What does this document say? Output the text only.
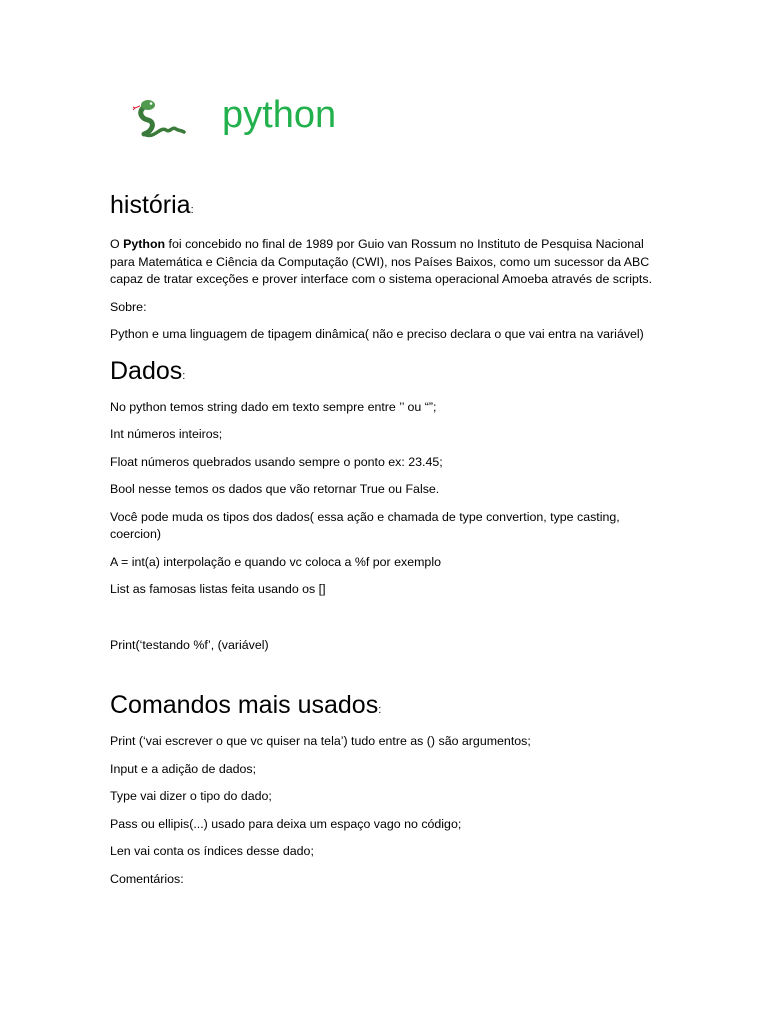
python
história:

O Python foi concebido no final de 1989 por Guio van Rossum no Instituto de Pesquisa Nacional para Matemática e Ciência da Computação (CWI), nos Países Baixos, como um sucessor da ABC capaz de tratar exceções e prover interface com o sistema operacional Amoeba através de scripts.

Sobre:

Python e uma linguagem de tipagem dinâmica( não e preciso declara o que vai entra na variável)

Dados:

No python temos string dado em texto sempre entre ’’ ou “”;

Int números inteiros;

Float números quebrados usando sempre o ponto ex: 23.45;

Bool nesse temos os dados que vão retornar True ou False.

Você pode muda os tipos dos dados( essa ação e chamada de type convertion, type casting, coercion)

A = int(a) interpolação e quando vc coloca a %f por exemplo

List as famosas listas feita usando os []

Print(‘testando %f’, (variável)

Comandos mais usados:

Print (‘vai escrever o que vc quiser na tela’) tudo entre as () são argumentos;

Input e a adição de dados;

Type vai dizer o tipo do dado;

Pass ou ellipis(...) usado para deixa um espaço vago no código;

Len vai conta os índices desse dado;

Comentários:
